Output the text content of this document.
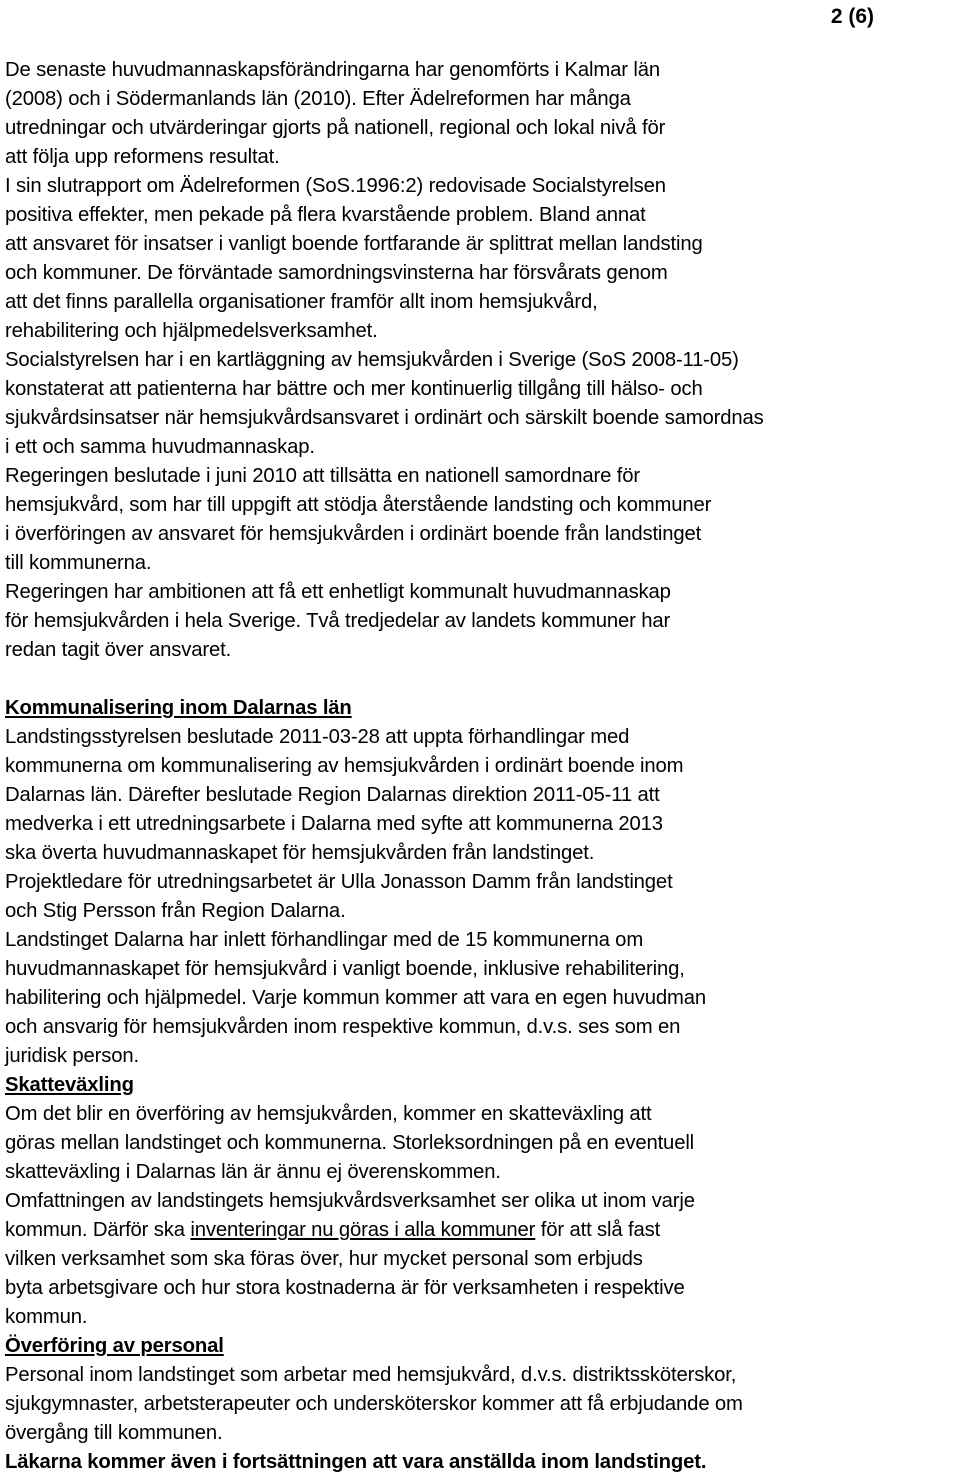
2 (6)
De senaste huvudmannaskapsförändringarna har genomförts i Kalmar län
(2008) och i Södermanlands län (2010). Efter Ädelreformen har många
utredningar och utvärderingar gjorts på nationell, regional och lokal nivå för
att följa upp reformens resultat.
I sin slutrapport om Ädelreformen (SoS.1996:2) redovisade Socialstyrelsen
positiva effekter, men pekade på flera kvarstående problem. Bland annat
att ansvaret för insatser i vanligt boende fortfarande är splittrat mellan landsting
och kommuner. De förväntade samordningsvinsterna har försvårats genom
att det finns parallella organisationer framför allt inom hemsjukvård,
rehabilitering och hjälpmedelsverksamhet.
Socialstyrelsen har i en kartläggning av hemsjukvården i Sverige (SoS 2008-11-05)
konstaterat att patienterna har bättre och mer kontinuerlig tillgång till hälso- och
sjukvårdsinsatser när hemsjukvårdsansvaret i ordinärt och särskilt boende samordnas
i ett och samma huvudmannaskap.
Regeringen beslutade i juni 2010 att tillsätta en nationell samordnare för
hemsjukvård, som har till uppgift att stödja återstående landsting och kommuner
i överföringen av ansvaret för hemsjukvården i ordinärt boende från landstinget
till kommunerna.
Regeringen har ambitionen att få ett enhetligt kommunalt huvudmannaskap
för hemsjukvården i hela Sverige. Två tredjedelar av landets kommuner har
redan tagit över ansvaret.
Kommunalisering inom Dalarnas län
Landstingsstyrelsen beslutade 2011-03-28 att uppta förhandlingar med
kommunerna om kommunalisering av hemsjukvården i ordinärt boende inom
Dalarnas län. Därefter beslutade Region Dalarnas direktion 2011-05-11 att
medverka i ett utredningsarbete i Dalarna med syfte att kommunerna 2013
ska överta huvudmannaskapet för hemsjukvården från landstinget.
Projektledare för utredningsarbetet är Ulla Jonasson Damm från landstinget
och Stig Persson från Region Dalarna.
Landstinget Dalarna har inlett förhandlingar med de 15 kommunerna om
huvudmannaskapet för hemsjukvård i vanligt boende, inklusive rehabilitering,
habilitering och hjälpmedel. Varje kommun kommer att vara en egen huvudman
och ansvarig för hemsjukvården inom respektive kommun, d.v.s. ses som en
juridisk person.
Skatteväxling
Om det blir en överföring av hemsjukvården, kommer en skatteväxling att
göras mellan landstinget och kommunerna. Storleksordningen på en eventuell
skatteväxling i Dalarnas län är ännu ej överenskommen.
Omfattningen av landstingets hemsjukvårdsverksamhet ser olika ut inom varje
kommun. Därför ska inventeringar nu göras i alla kommuner för att slå fast
vilken verksamhet som ska föras över, hur mycket personal som erbjuds
byta arbetsgivare och hur stora kostnaderna är för verksamheten i respektive
kommun.
Överföring av personal
Personal inom landstinget som arbetar med hemsjukvård, d.v.s. distriktssköterskor,
sjukgymnaster, arbetsterapeuter och undersköterskor kommer att få erbjudande om
övergång till kommunen.
Läkarna kommer även i fortsättningen att vara anställda inom landstinget.
